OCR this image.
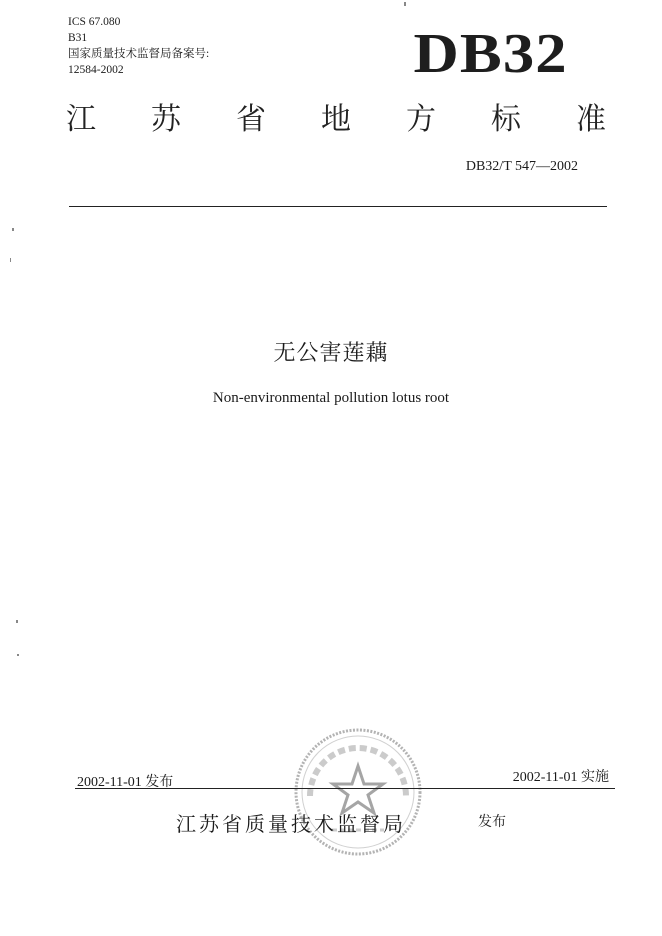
ICS 67.080
B31
国家质量技术监督局备案号:
12584-2002	DB32
江 苏 省 地 方 标 准
DB32/T 547—2002
无公害莲藕
Non-environmental pollution lotus root
2002-11-01 发布	2002-11-01 实施
江苏省质量技术监督局	发布
